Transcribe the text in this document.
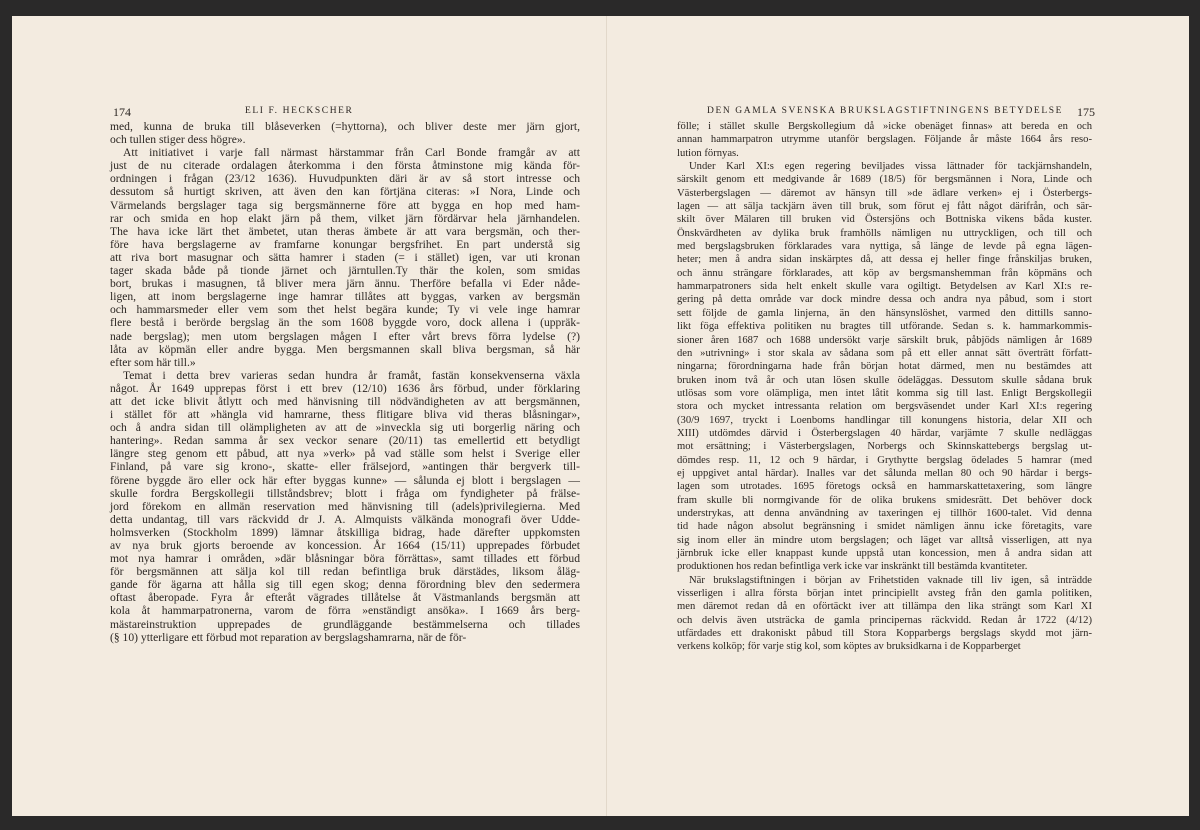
174	ELI F. HECKSCHER
med, kunna de bruka till blåseverken (=hyttorna), och bliver deste mer järn gjort,
och tullen stiger dess högre».
Att initiativet i varje fall närmast härstammar från Carl Bonde framgår av att
just de nu citerade ordalagen återkomma i den första åtminstone mig kända för-
ordningen i frågan (23/12 1636). Huvudpunkten däri är av så stort intresse och
dessutom så hurtigt skriven, att även den kan förtjäna citeras: »I Nora, Linde och
Värmelands bergslager taga sig bergsmännerne före att bygga en hop med ham-
rar och smida en hop elakt järn på them, vilket järn fördärvar hela järnhandelen.
The hava icke lärt thet ämbetet, utan theras ämbete är att vara bergsmän, och ther-
före hava bergslagerne av framfarne konungar bergsfrihet. En part understå sig
att riva bort masugnar och sätta hamrer i staden (= i stället) igen, var uti kronan
tager skada både på tionde järnet och järntullen.Ty thär the kolen, som smidas
bort, brukas i masugnen, tå bliver mera järn ännu. Therföre befalla vi Eder nåde-
ligen, att inom bergslagerne inge hamrar tillåtes att byggas, varken av bergsmän
och hammarsmeder eller vem som thet helst begära kunde; Ty vi vele inge hamrar
flere bestå i berörde bergslag än the som 1608 byggde voro, dock allena i (uppräk-
nade bergslag); men utom bergslagen mågen I efter vårt brevs förra lydelse (?)
låta av köpmän eller andre bygga. Men bergsmannen skall bliva bergsman, så här
efter som här till.»
Temat i detta brev varieras sedan hundra år framåt, fastän konsekvenserna växla
något. År 1649 upprepas först i ett brev (12/10) 1636 års förbud, under förklaring
att det icke blivit åtlytt och med hänvisning till nödvändigheten av att bergsmännen,
i stället för att »hängla vid hamrarne, thess flitigare bliva vid theras blåsningar»,
och å andra sidan till olämpligheten av att de »inveckla sig uti borgerlig näring och
hantering». Redan samma år sex veckor senare (20/11) tas emellertid ett betydligt
längre steg genom ett påbud, att nya »verk» på vad ställe som helst i Sverige eller
Finland, på vare sig krono-, skatte- eller frälsejord, »antingen thär bergverk till-
förene byggde äro eller ock här efter byggas kunne» — sålunda ej blott i bergslagen —
skulle fordra Bergskollegii tillståndsbrev; blott i fråga om fyndigheter på frälse-
jord förekom en allmän reservation med hänvisning till (adels)privilegierna. Med
detta undantag, till vars räckvidd dr J. A. Almquists välkända monografi över Udde-
holmsverken (Stockholm 1899) lämnar åtskilliga bidrag, hade därefter uppkomsten
av nya bruk gjorts beroende av koncession. År 1664 (15/11) upprepades förbudet
mot nya hamrar i områden, »där blåsningar böra förrättas», samt tillades ett förbud
för bergsmännen att sälja kol till redan befintliga bruk därstädes, liksom åläg-
gande för ägarna att hålla sig till egen skog; denna förordning blev den sedermera
oftast åberopade. Fyra år efteråt vägrades tillåtelse åt Västmanlands bergsmän att
kola åt hammarpatronerna, varom de förra »enständigt ansöka». I 1669 års berg-
mästareinstruktion upprepades de grundläggande bestämmelserna och tillades
(§ 10) ytterligare ett förbud mot reparation av bergslagshamrarna, när de för-
DEN GAMLA SVENSKA BRUKSLAGSTIFTNINGENS BETYDELSE 175
fölle; i stället skulle Bergskollegium då »icke obenäget finnas» att bereda en och
annan hammarpatron utrymme utanför bergslagen. Följande år måste 1664 års reso-
lution förnyas.
Under Karl XI:s egen regering beviljades vissa lättnader för tackjärnshandeln,
särskilt genom ett medgivande år 1689 (18/5) för bergsmännen i Nora, Linde och
Västerbergslagen — däremot av hänsyn till »de ädlare verken» ej i Österbergs-
lagen — att sälja tackjärn även till bruk, som förut ej fått något därifrån, och sär-
skilt över Mälaren till bruken vid Östersjöns och Bottniska vikens båda kuster.
Önskvärdheten av dylika bruk framhölls nämligen nu uttryckligen, och till och
med bergslagsbruken förklarades vara nyttiga, så länge de levde på egna lägen-
heter; men å andra sidan inskärptes då, att dessa ej heller finge frånskiljas bruken,
och ännu strängare förklarades, att köp av bergsmanshemman från köpmäns och
hammarpatroners sida helt enkelt skulle vara ogiltigt. Betydelsen av Karl XI:s re-
gering på detta område var dock mindre dessa och andra nya påbud, som i stort
sett följde de gamla linjerna, än den hänsynslöshet, varmed den dittills sanno-
likt föga effektiva politiken nu bragtes till utförande. Sedan s. k. hammarkommis-
sioner åren 1687 och 1688 undersökt varje särskilt bruk, påbjöds nämligen år 1689
den »utrivning» i stor skala av sådana som på ett eller annat sätt överträtt författ-
ningarna; förordningarna hade från början hotat därmed, men nu bestämdes att
bruken inom två år och utan lösen skulle ödeläggas. Dessutom skulle sådana bruk
utlösas som vore olämpliga, men intet låtit komma sig till last. Enligt Bergskollegii
stora och mycket intressanta relation om bergsväsendet under Karl XI:s regering
(30/9 1697, tryckt i Loenboms handlingar till konungens historia, delar XII och
XIII) utdömdes därvid i Österbergslagen 40 härdar, varjämte 7 skulle nedläggas
mot ersättning; i Västerbergslagen, Norbergs och Skinnskattebergs bergslag ut-
dömdes resp. 11, 12 och 9 härdar, i Grythytte bergslag ödelades 5 hamrar (med
ej uppgivet antal härdar). Inalles var det sålunda mellan 80 och 90 härdar i bergs-
lagen som utrotades. 1695 företogs också en hammarskattetaxering, som längre
fram skulle bli normgivande för de olika brukens smidesrätt. Det behöver dock
understrykas, att denna användning av taxeringen ej tillhör 1600-talet. Vid denna
tid hade någon absolut begränsning i smidet nämligen ännu icke företagits, vare
sig inom eller än mindre utom bergslagen; och läget var alltså visserligen, att nya
järnbruk icke eller knappast kunde uppstå utan koncession, men å andra sidan att
produktionen hos redan befintliga verk icke var inskränkt till bestämda kvantiteter.
När brukslagstiftningen i början av Frihetstiden vaknade till liv igen, så inträdde
visserligen i allra första början intet principiellt avsteg från den gamla politiken,
men däremot redan då en oförtäckt iver att tillämpa den lika strängt som Karl XI
och delvis även utsträcka de gamla principernas räckvidd. Redan år 1722 (4/12)
utfärdades ett drakoniskt påbud till Stora Kopparbergs bergslags skydd mot järn-
verkens kolköp; för varje stig kol, som köptes av bruksidkarna i de Kopparberget
